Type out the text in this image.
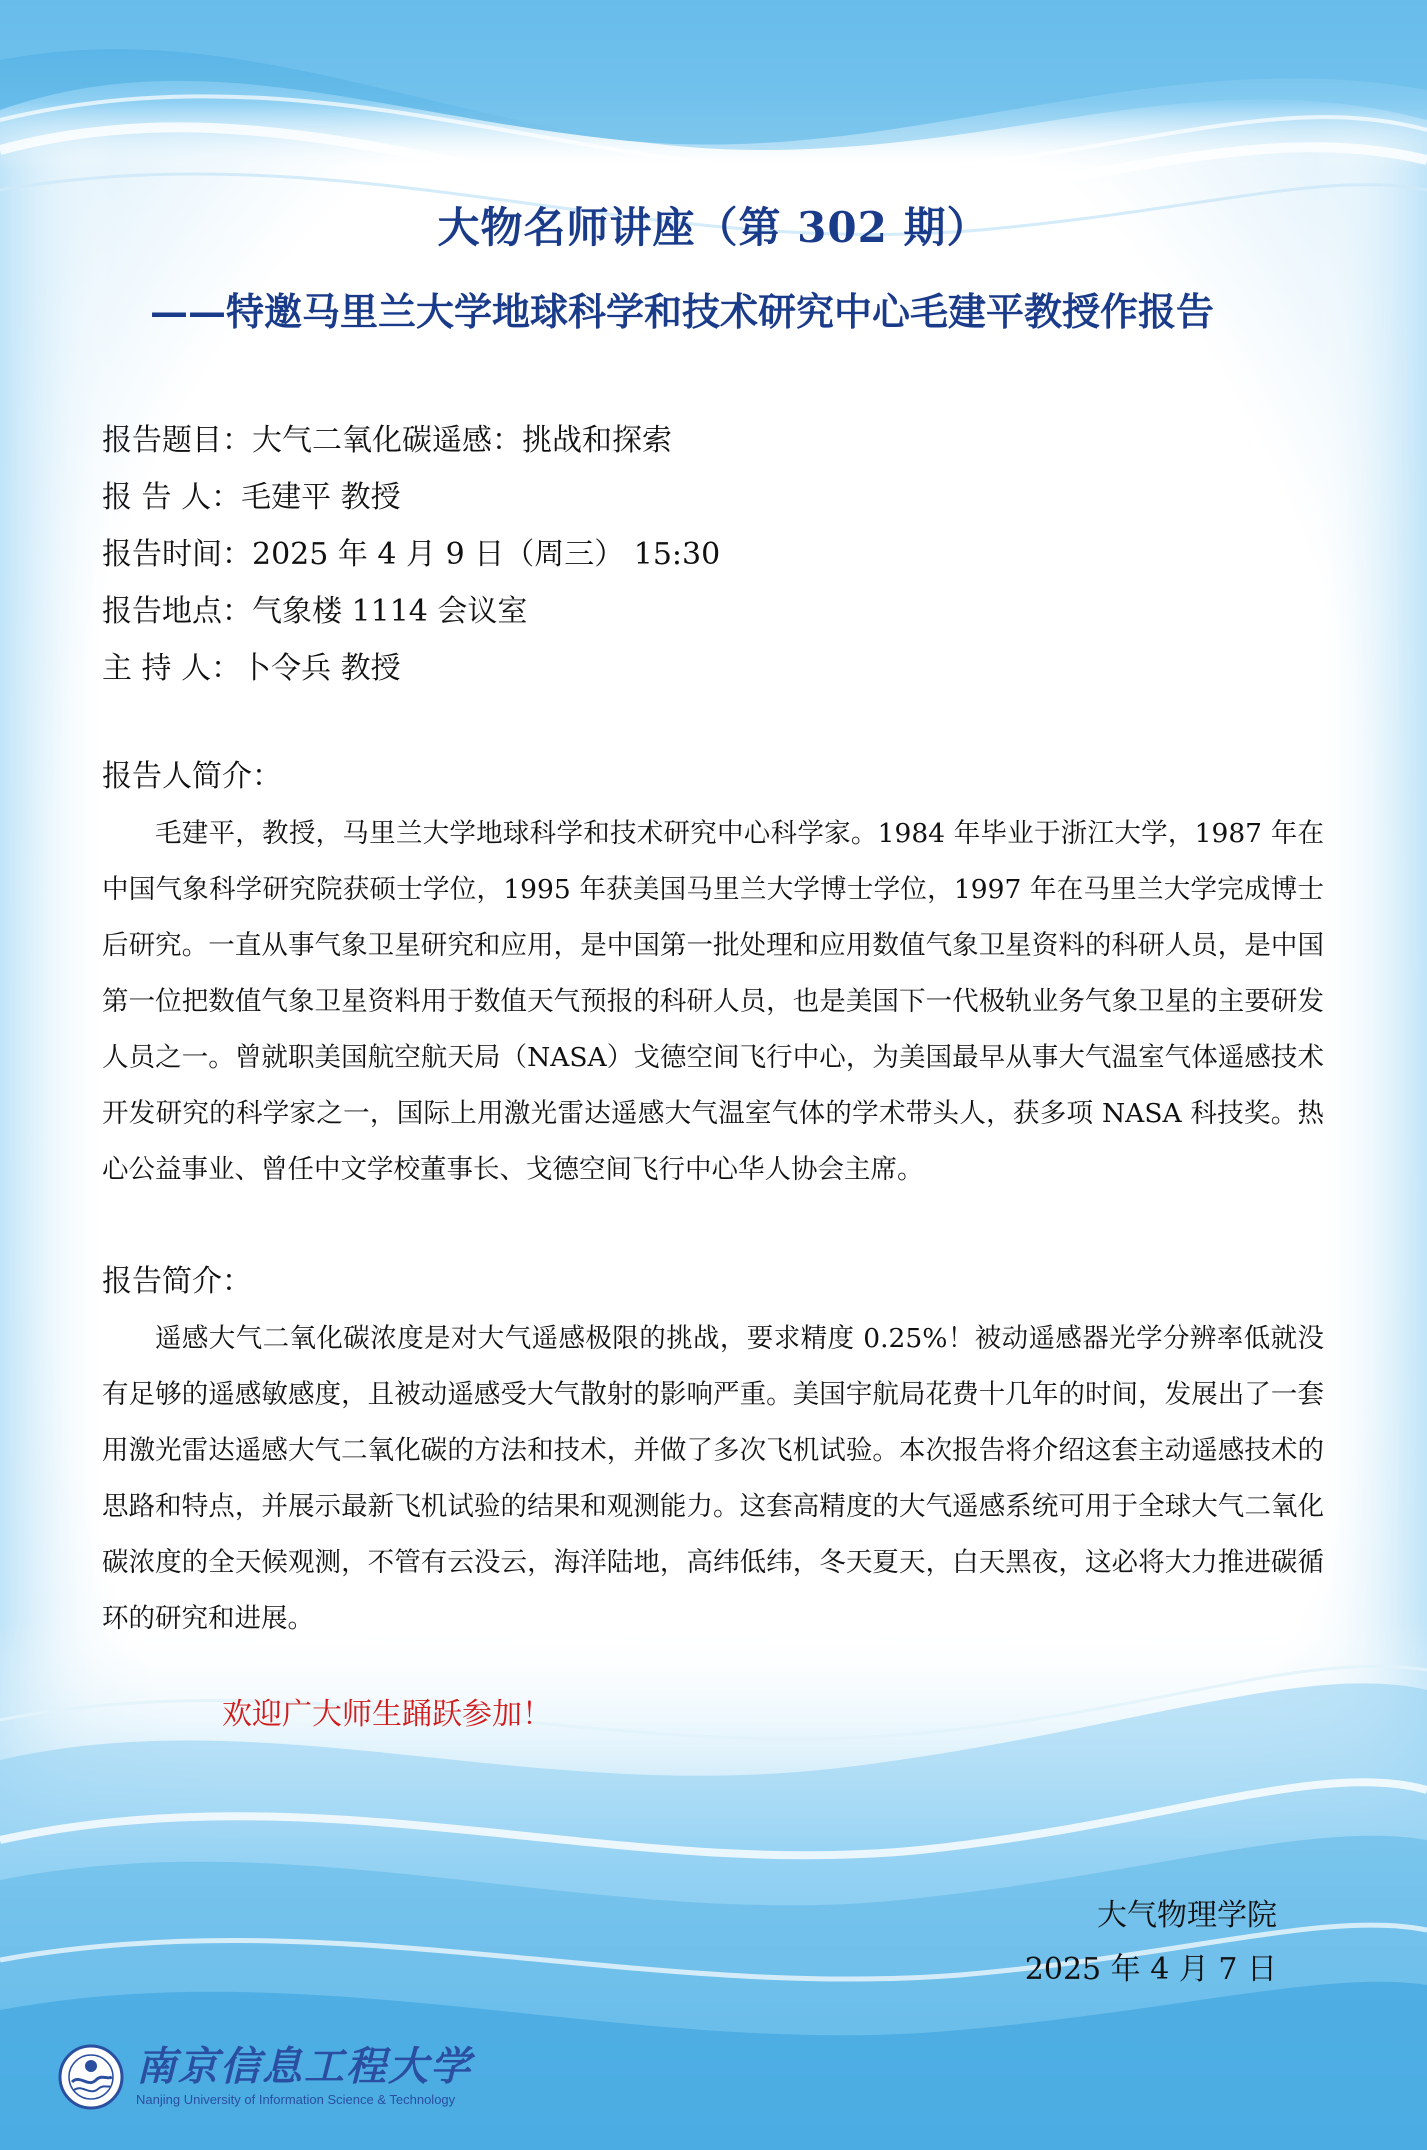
大物名师讲座（第 302 期）
——特邀马里兰大学地球科学和技术研究中心毛建平教授作报告
报告题目：大气二氧化碳遥感：挑战和探索
报 告 人：毛建平 教授
报告时间：2025 年 4 月 9 日（周三） 15:30
报告地点：气象楼 1114 会议室
主 持 人：卜令兵 教授
报告人简介：
毛建平，教授，马里兰大学地球科学和技术研究中心科学家。1984 年毕业于浙江大学，1987 年在中国气象科学研究院获硕士学位，1995 年获美国马里兰大学博士学位，1997 年在马里兰大学完成博士后研究。一直从事气象卫星研究和应用，是中国第一批处理和应用数值气象卫星资料的科研人员，是中国第一位把数值气象卫星资料用于数值天气预报的科研人员，也是美国下一代极轨业务气象卫星的主要研发人员之一。曾就职美国航空航天局（NASA）戈德空间飞行中心，为美国最早从事大气温室气体遥感技术开发研究的科学家之一，国际上用激光雷达遥感大气温室气体的学术带头人，获多项 NASA 科技奖。热心公益事业、曾任中文学校董事长、戈德空间飞行中心华人协会主席。
报告简介：
遥感大气二氧化碳浓度是对大气遥感极限的挑战，要求精度 0.25%！被动遥感器光学分辨率低就没有足够的遥感敏感度，且被动遥感受大气散射的影响严重。美国宇航局花费十几年的时间，发展出了一套用激光雷达遥感大气二氧化碳的方法和技术，并做了多次飞机试验。本次报告将介绍这套主动遥感技术的思路和特点，并展示最新飞机试验的结果和观测能力。这套高精度的大气遥感系统可用于全球大气二氧化碳浓度的全天候观测，不管有云没云，海洋陆地，高纬低纬，冬天夏天，白天黑夜，这必将大力推进碳循环的研究和进展。
欢迎广大师生踊跃参加！
大气物理学院
2025 年 4 月 7 日
南京信息工程大学
Nanjing University of Information Science & Technology
